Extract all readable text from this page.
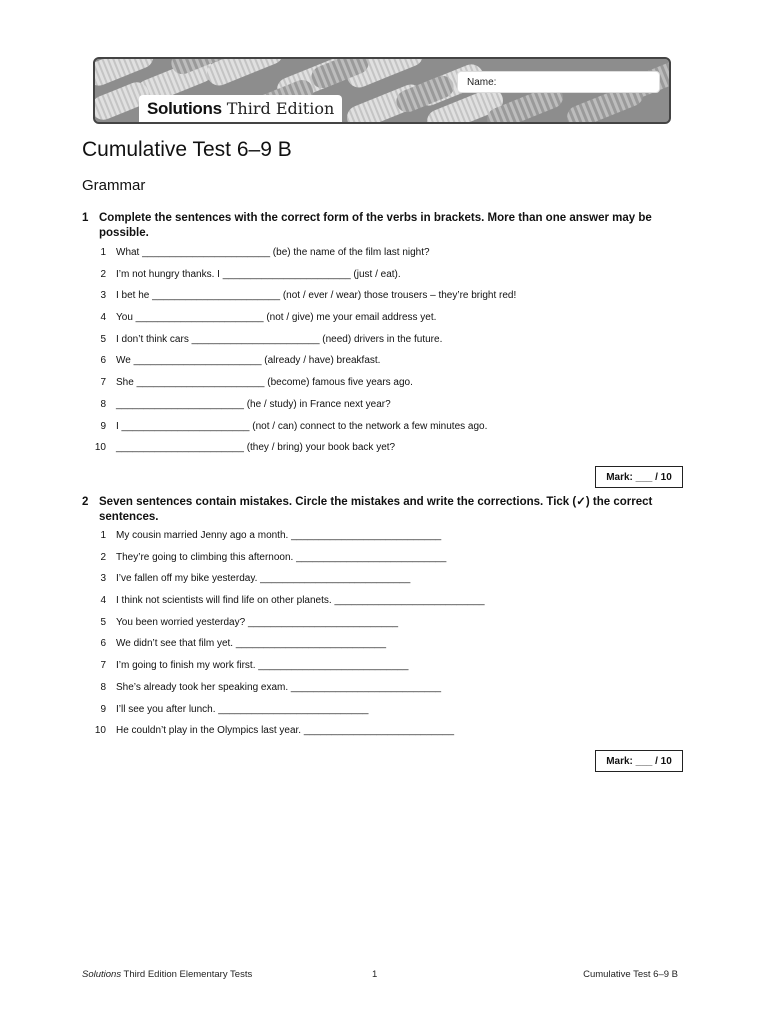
Solutions Third Edition
Name:
Cumulative Test 6–9 B
Grammar
1 Complete the sentences with the correct form of the verbs in brackets. More than one answer may be possible.
1 What _______________________ (be) the name of the film last night?
2 I’m not hungry thanks. I _______________________ (just / eat).
3 I bet he _______________________ (not / ever / wear) those trousers – they’re bright red!
4 You _______________________ (not / give) me your email address yet.
5 I don’t think cars _______________________ (need) drivers in the future.
6 We _______________________ (already / have) breakfast.
7 She _______________________ (become) famous five years ago.
8 _______________________ (he / study) in France next year?
9 I _______________________ (not / can) connect to the network a few minutes ago.
10 _______________________ (they / bring) your book back yet?
Mark: ___ / 10
2 Seven sentences contain mistakes. Circle the mistakes and write the corrections. Tick (✓) the correct sentences.
1 My cousin married Jenny ago a month. ___________________________
2 They’re going to climbing this afternoon. ___________________________
3 I’ve fallen off my bike yesterday. ___________________________
4 I think not scientists will find life on other planets. ___________________________
5 You been worried yesterday? ___________________________
6 We didn’t see that film yet. ___________________________
7 I’m going to finish my work first. ___________________________
8 She’s already took her speaking exam. ___________________________
9 I’ll see you after lunch. ___________________________
10 He couldn’t play in the Olympics last year. ___________________________
Mark: ___ / 10
Solutions Third Edition Elementary Tests	1	Cumulative Test 6–9 B
